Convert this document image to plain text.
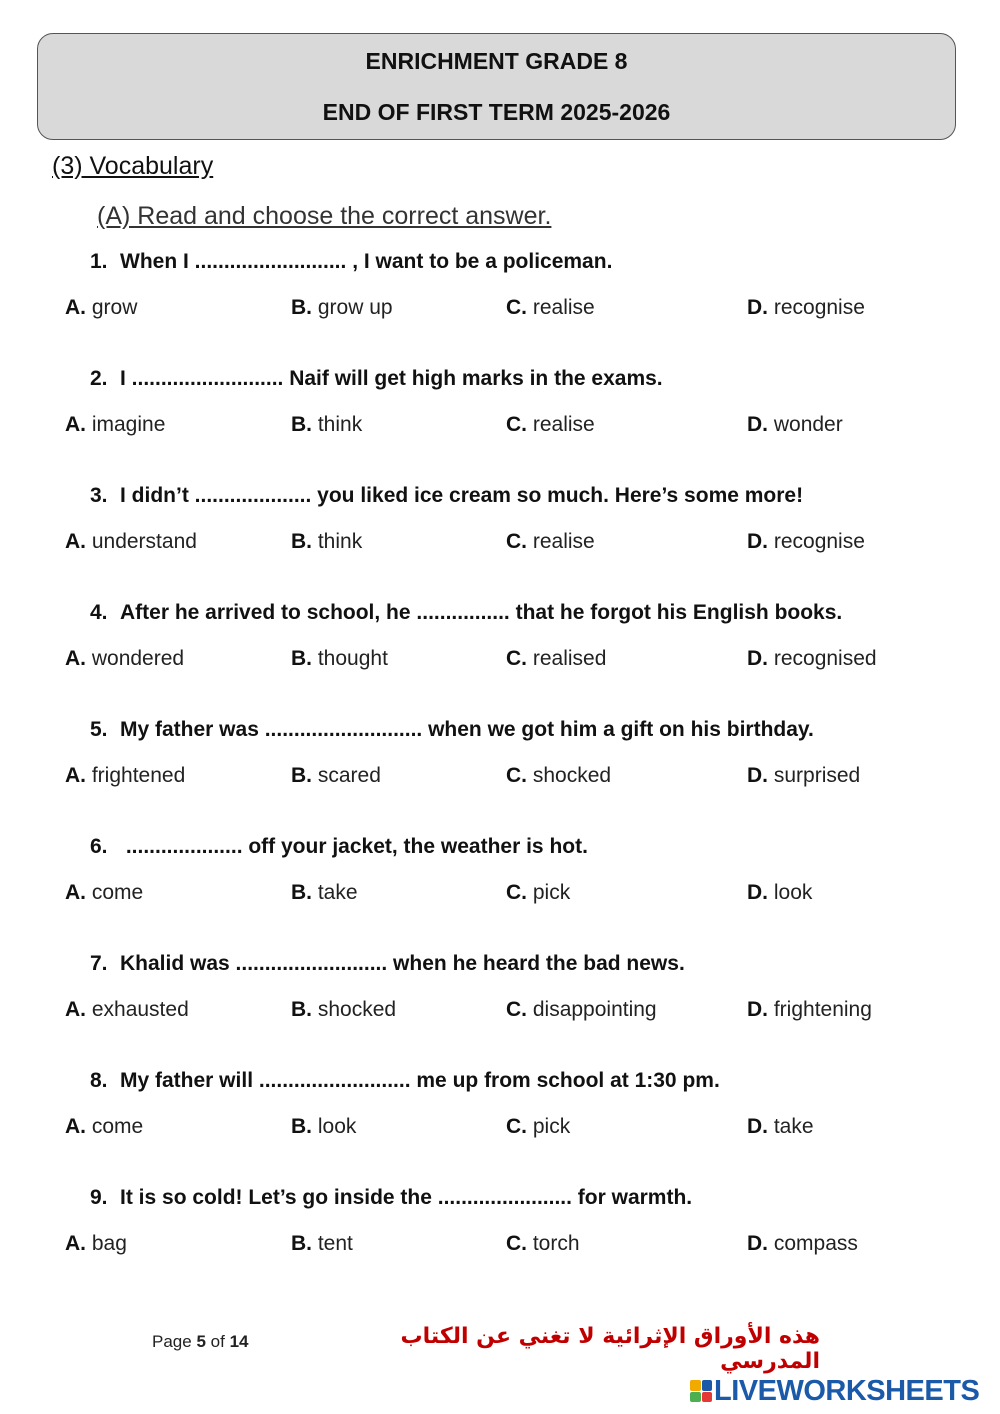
ENRICHMENT GRADE 8
END OF FIRST TERM 2025-2026
(3) Vocabulary
(A) Read and choose the correct answer.
1. When I .......................... , I want to be a policeman.
A. grow	B. grow up	C. realise	D. recognise
2. I .......................... Naif will get high marks in the exams.
A. imagine	B. think	C. realise	D. wonder
3. I didn’t .................... you liked ice cream so much. Here’s some more!
A. understand	B. think	C. realise	D. recognise
4. After he arrived to school, he ................ that he forgot his English books.
A. wondered	B. thought	C. realised	D. recognised
5. My father was ........................... when we got him a gift on his birthday.
A. frightened	B. scared	C. shocked	D. surprised
6. .................... off your jacket, the weather is hot.
A. come	B. take	C. pick	D. look
7. Khalid was .......................... when he heard the bad news.
A. exhausted	B. shocked	C. disappointing	D. frightening
8. My father will .......................... me up from school at 1:30 pm.
A. come	B. look	C. pick	D. take
9. It is so cold! Let’s go inside the ....................... for warmth.
A. bag	B. tent	C. torch	D. compass
Page 5 of 14	هذه الأوراق الإثرائية لا تغني عن الكتاب المدرسي
LIVEWORKSHEETS
